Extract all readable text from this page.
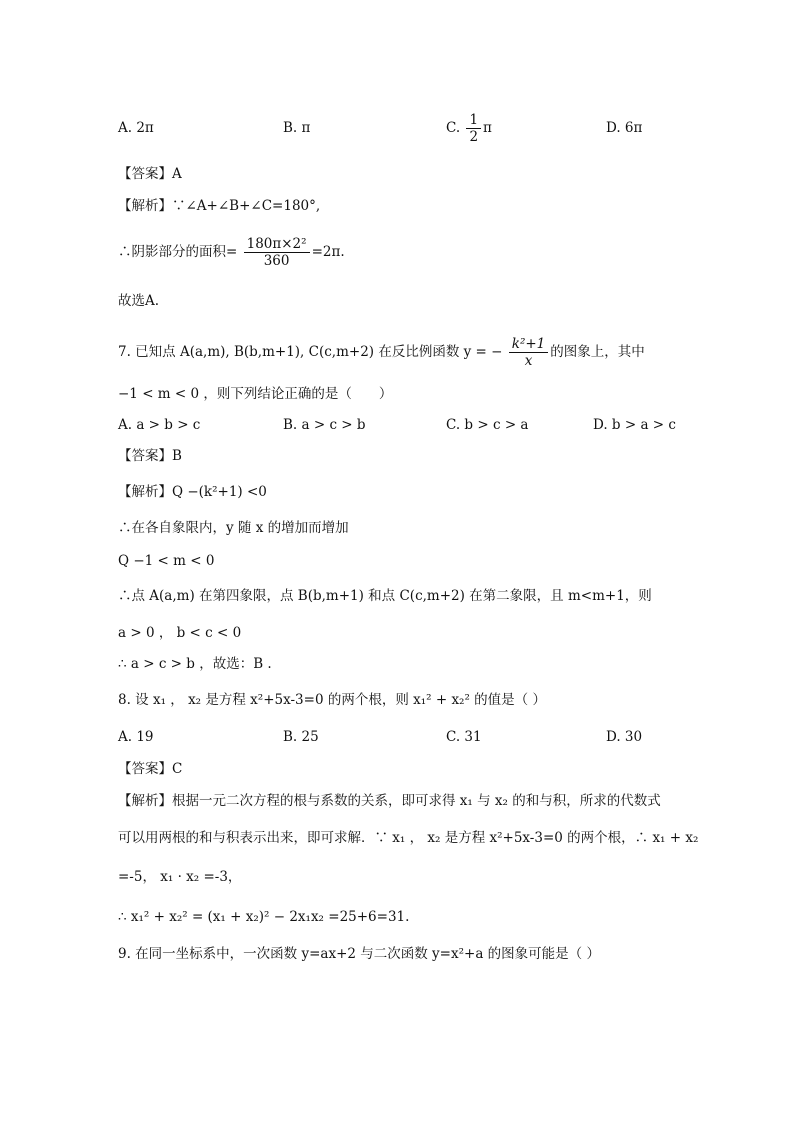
A. 2π	B. π	C. $\frac{1}{2}$ π	D. 6π
【答案】A
【解析】∵∠A+∠B+∠C=180°,
∴阴影部分的面积= $\frac{\text{180π×2²}}{360} =2\pi$.
故选A.
7. 已知点 A(a,m), B(b,m+1), C(c,m+2) 在反比例函数 y = − $\frac{\text{k²+1}}{x}$ 的图象上，其中
−1 < m < 0 ，则下列结论正确的是（　　）
A. a > b > c	B. a > c > b	C. b > c > a	D. b > a > c
【答案】B
【解析】Q −(k²+1) <0
∴在各自象限内，y 随 x 的增加而增加
Q −1 < m < 0
∴点 A(a,m) 在第四象限，点 B(b,m+1) 和点 C(c,m+2) 在第二象限，且 m<m+1，则
a > 0 ， b < c < 0
∴ a > c > b ，故选：B .
8. 设 x₁ ， x₂ 是方程 x²+5x-3=0 的两个根，则 x₁² + x₂² 的值是（ ）
A. 19	B. 25	C. 31	D. 30
【答案】C
【解析】根据一元二次方程的根与系数的关系，即可求得 x₁ 与 x₂ 的和与积，所求的代数式
可以用两根的和与积表示出来，即可求解．∵ x₁ ， x₂ 是方程 x²+5x-3=0 的两个根，∴ x₁ + x₂
=-5， x₁ · x₂ =-3，
∴ x₁² + x₂² = (x₁ + x₂)² − 2x₁x₂ =25+6=31.
9. 在同一坐标系中，一次函数 y=ax+2 与二次函数 y=x²+a 的图象可能是（ ）
